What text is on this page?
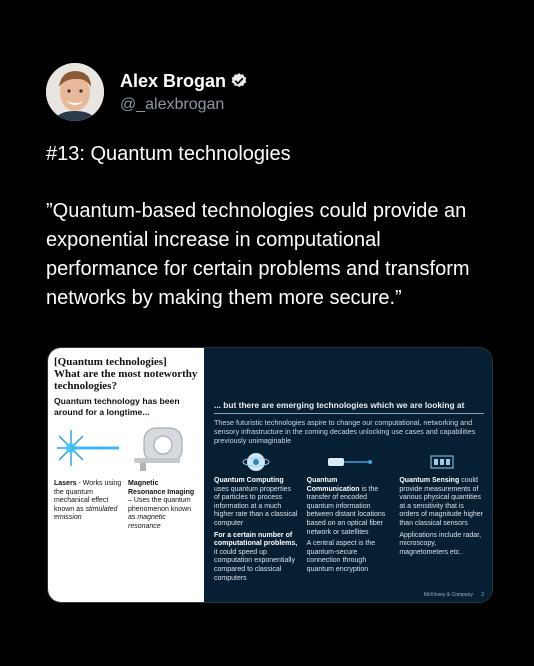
Alex Brogan
@_alexbrogan

#13: Quantum technologies

”Quantum-based technologies could provide an exponential increase in computational performance for certain problems and transform networks by making them more secure.”

[Quantum technologies]
What are the most noteworthy technologies?
Quantum technology has been around for a longtime...
Lasers - Works using the quantum mechanical effect known as stimulated emission
Magnetic Resonance Imaging – Uses the quantum phenomenon known as magnetic resonance
... but there are emerging technologies which we are looking at
These futuristic technologies aspire to change our computational, networking and sensory infrastructure in the coming decades unlocking use cases and capabilities previously unimaginable

Quantum Computing uses quantum properties of particles to process information at a much higher rate than a classical computer

For a certain number of computational problems, it could speed up computation exponentially compared to classical computers

Quantum Communication is the transfer of encoded quantum information between distant locations based on an optical fiber network or satellites

A central aspect is the quantum-secure connection through quantum encryption

Quantum Sensing could provide measurements of various physical quantities at a sensitivity that is orders of magnitude higher than classical sensors

Applications include radar, microscopy, magnetometers etc.

McKinsey & Company      2
